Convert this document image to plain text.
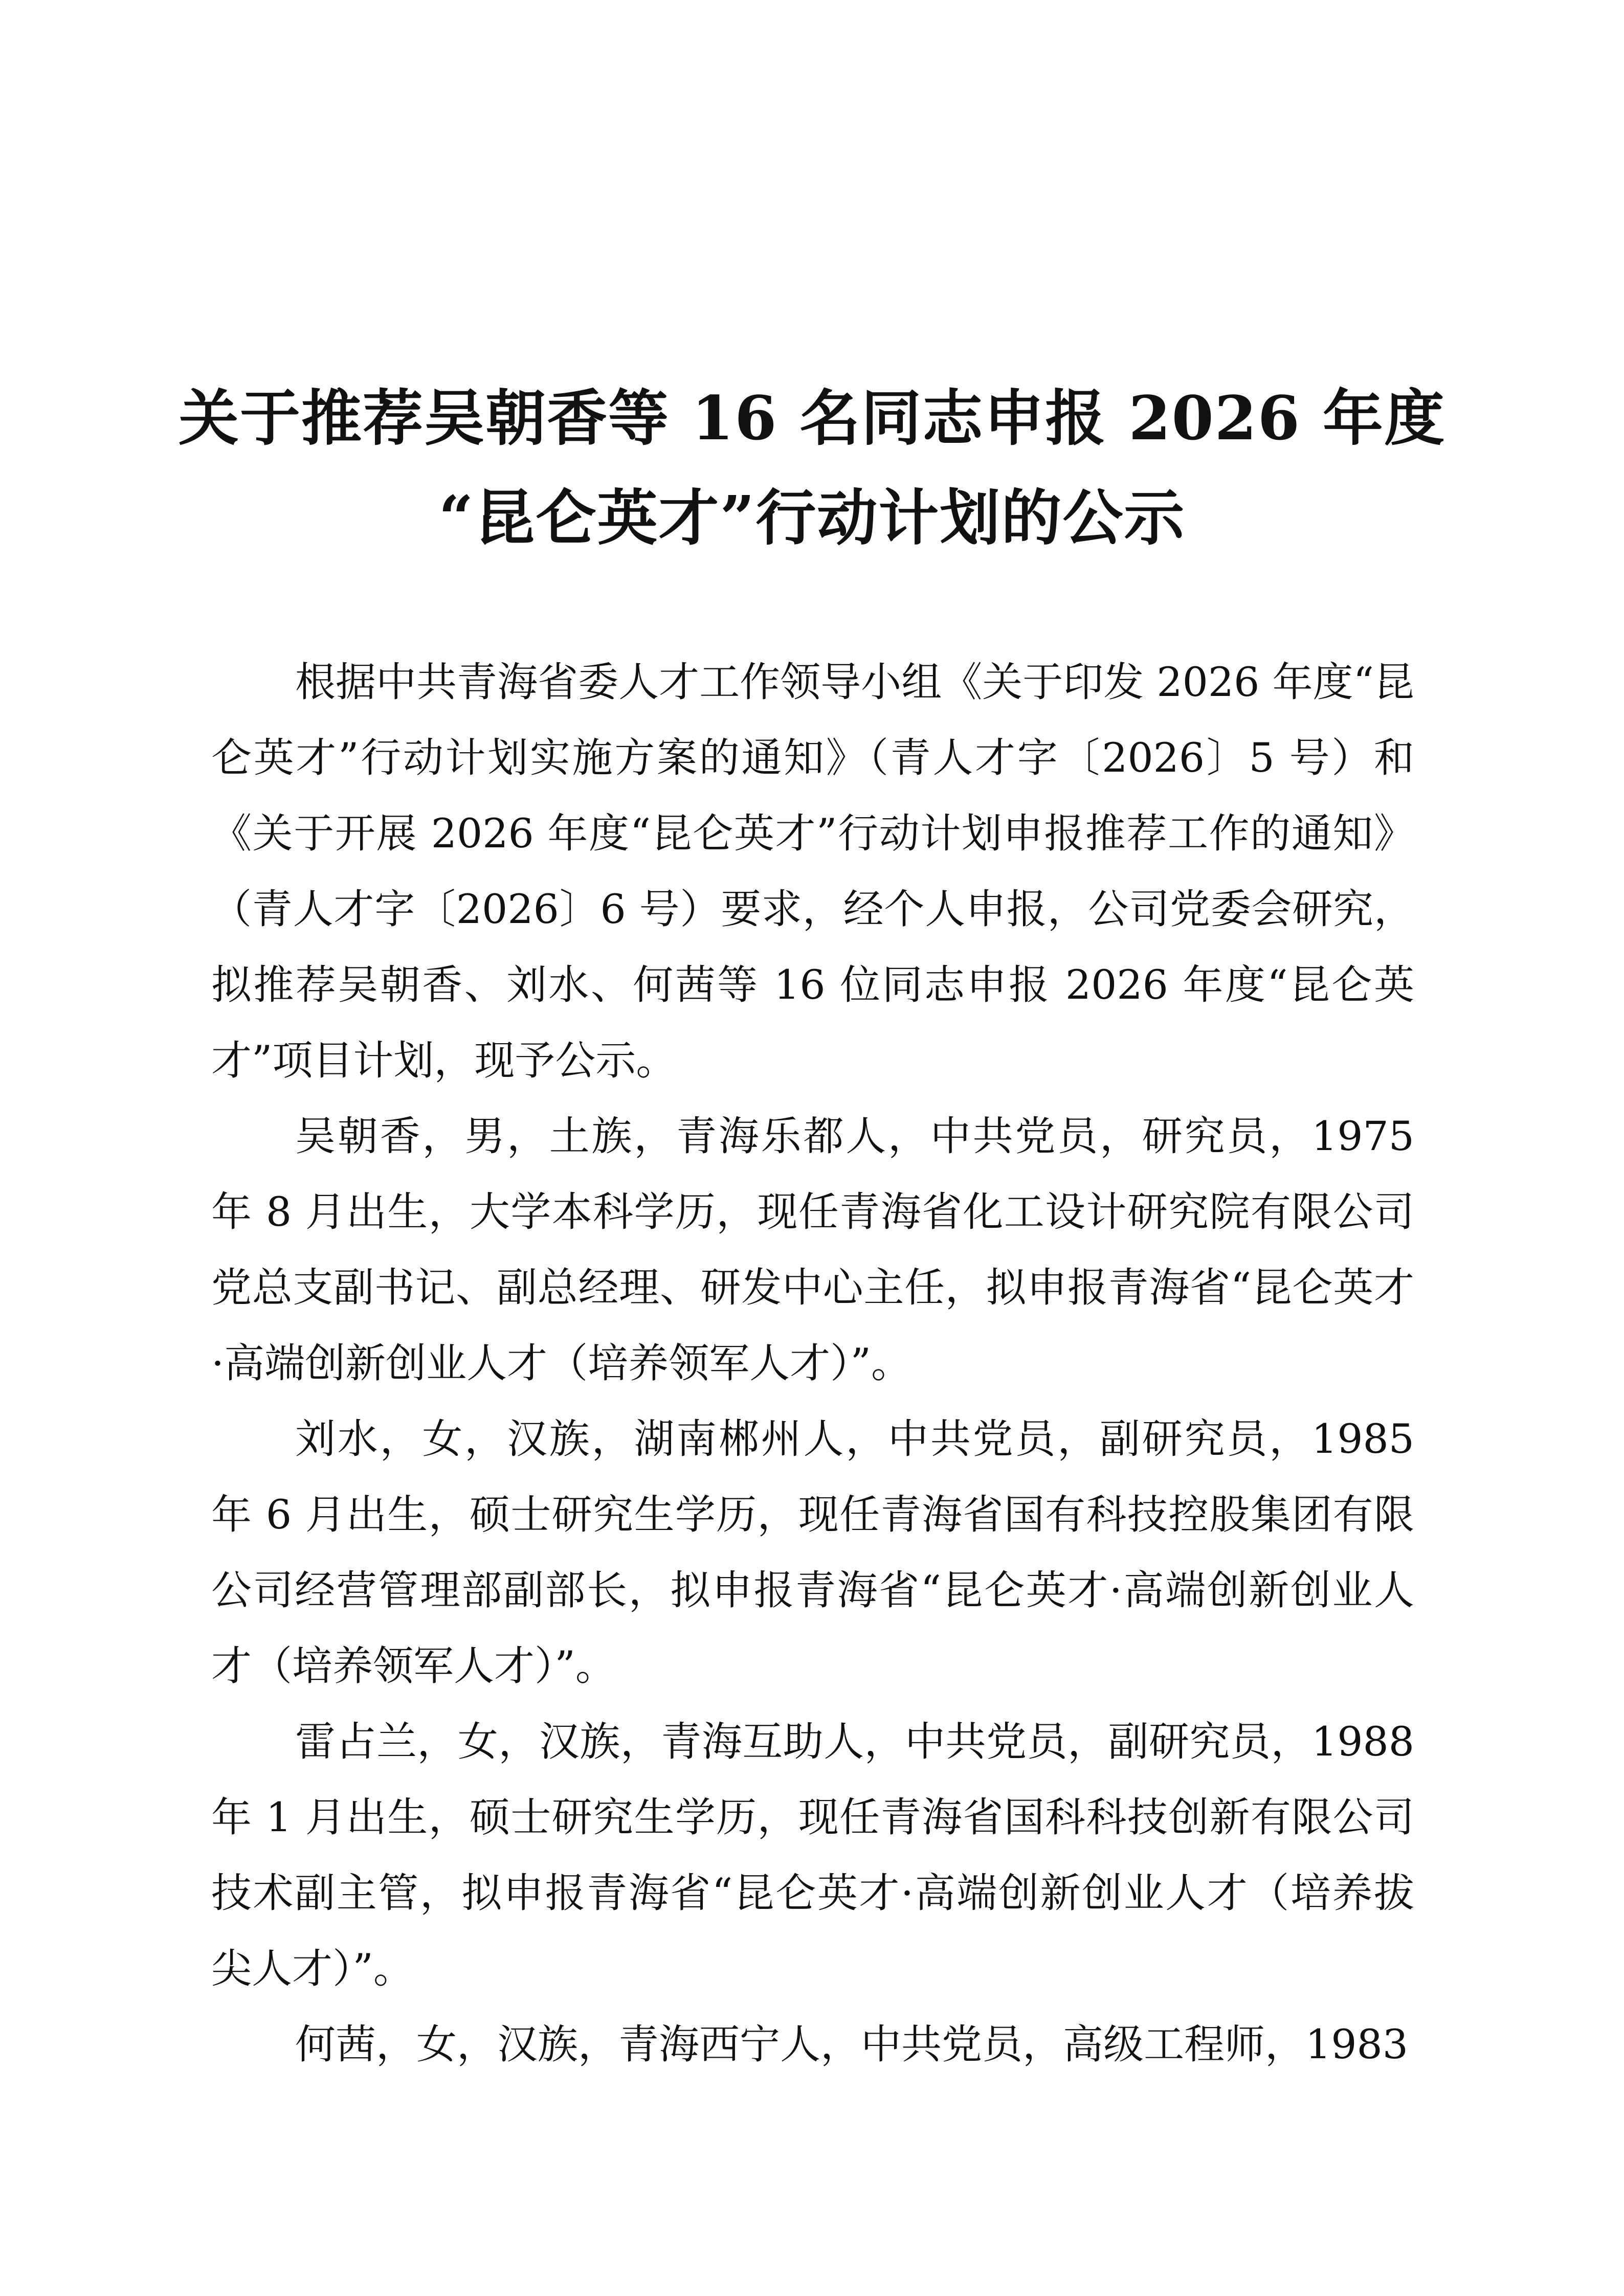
关于推荐吴朝香等 16 名同志申报 2026 年度
“昆仑英才”行动计划的公示

根据中共青海省委人才工作领导小组《关于印发 2026 年度“昆仑英才”行动计划实施方案的通知》（青人才字〔2026〕5 号）和《关于开展 2026 年度“昆仑英才”行动计划申报推荐工作的通知》（青人才字〔2026〕6 号）要求，经个人申报，公司党委会研究，拟推荐吴朝香、刘水、何茜等 16 位同志申报 2026 年度“昆仑英才”项目计划，现予公示。

吴朝香，男，土族，青海乐都人，中共党员，研究员，1975 年 8 月出生，大学本科学历，现任青海省化工设计研究院有限公司党总支副书记、副总经理、研发中心主任，拟申报青海省“昆仑英才·高端创新创业人才（培养领军人才）”。

刘水，女，汉族，湖南郴州人，中共党员，副研究员，1985 年 6 月出生，硕士研究生学历，现任青海省国有科技控股集团有限公司经营管理部副部长，拟申报青海省“昆仑英才·高端创新创业人才（培养领军人才）”。

雷占兰，女，汉族，青海互助人，中共党员，副研究员，1988 年 1 月出生，硕士研究生学历，现任青海省国科科技创新有限公司技术副主管，拟申报青海省“昆仑英才·高端创新创业人才（培养拔尖人才）”。

何茜，女，汉族，青海西宁人，中共党员，高级工程师，1983
